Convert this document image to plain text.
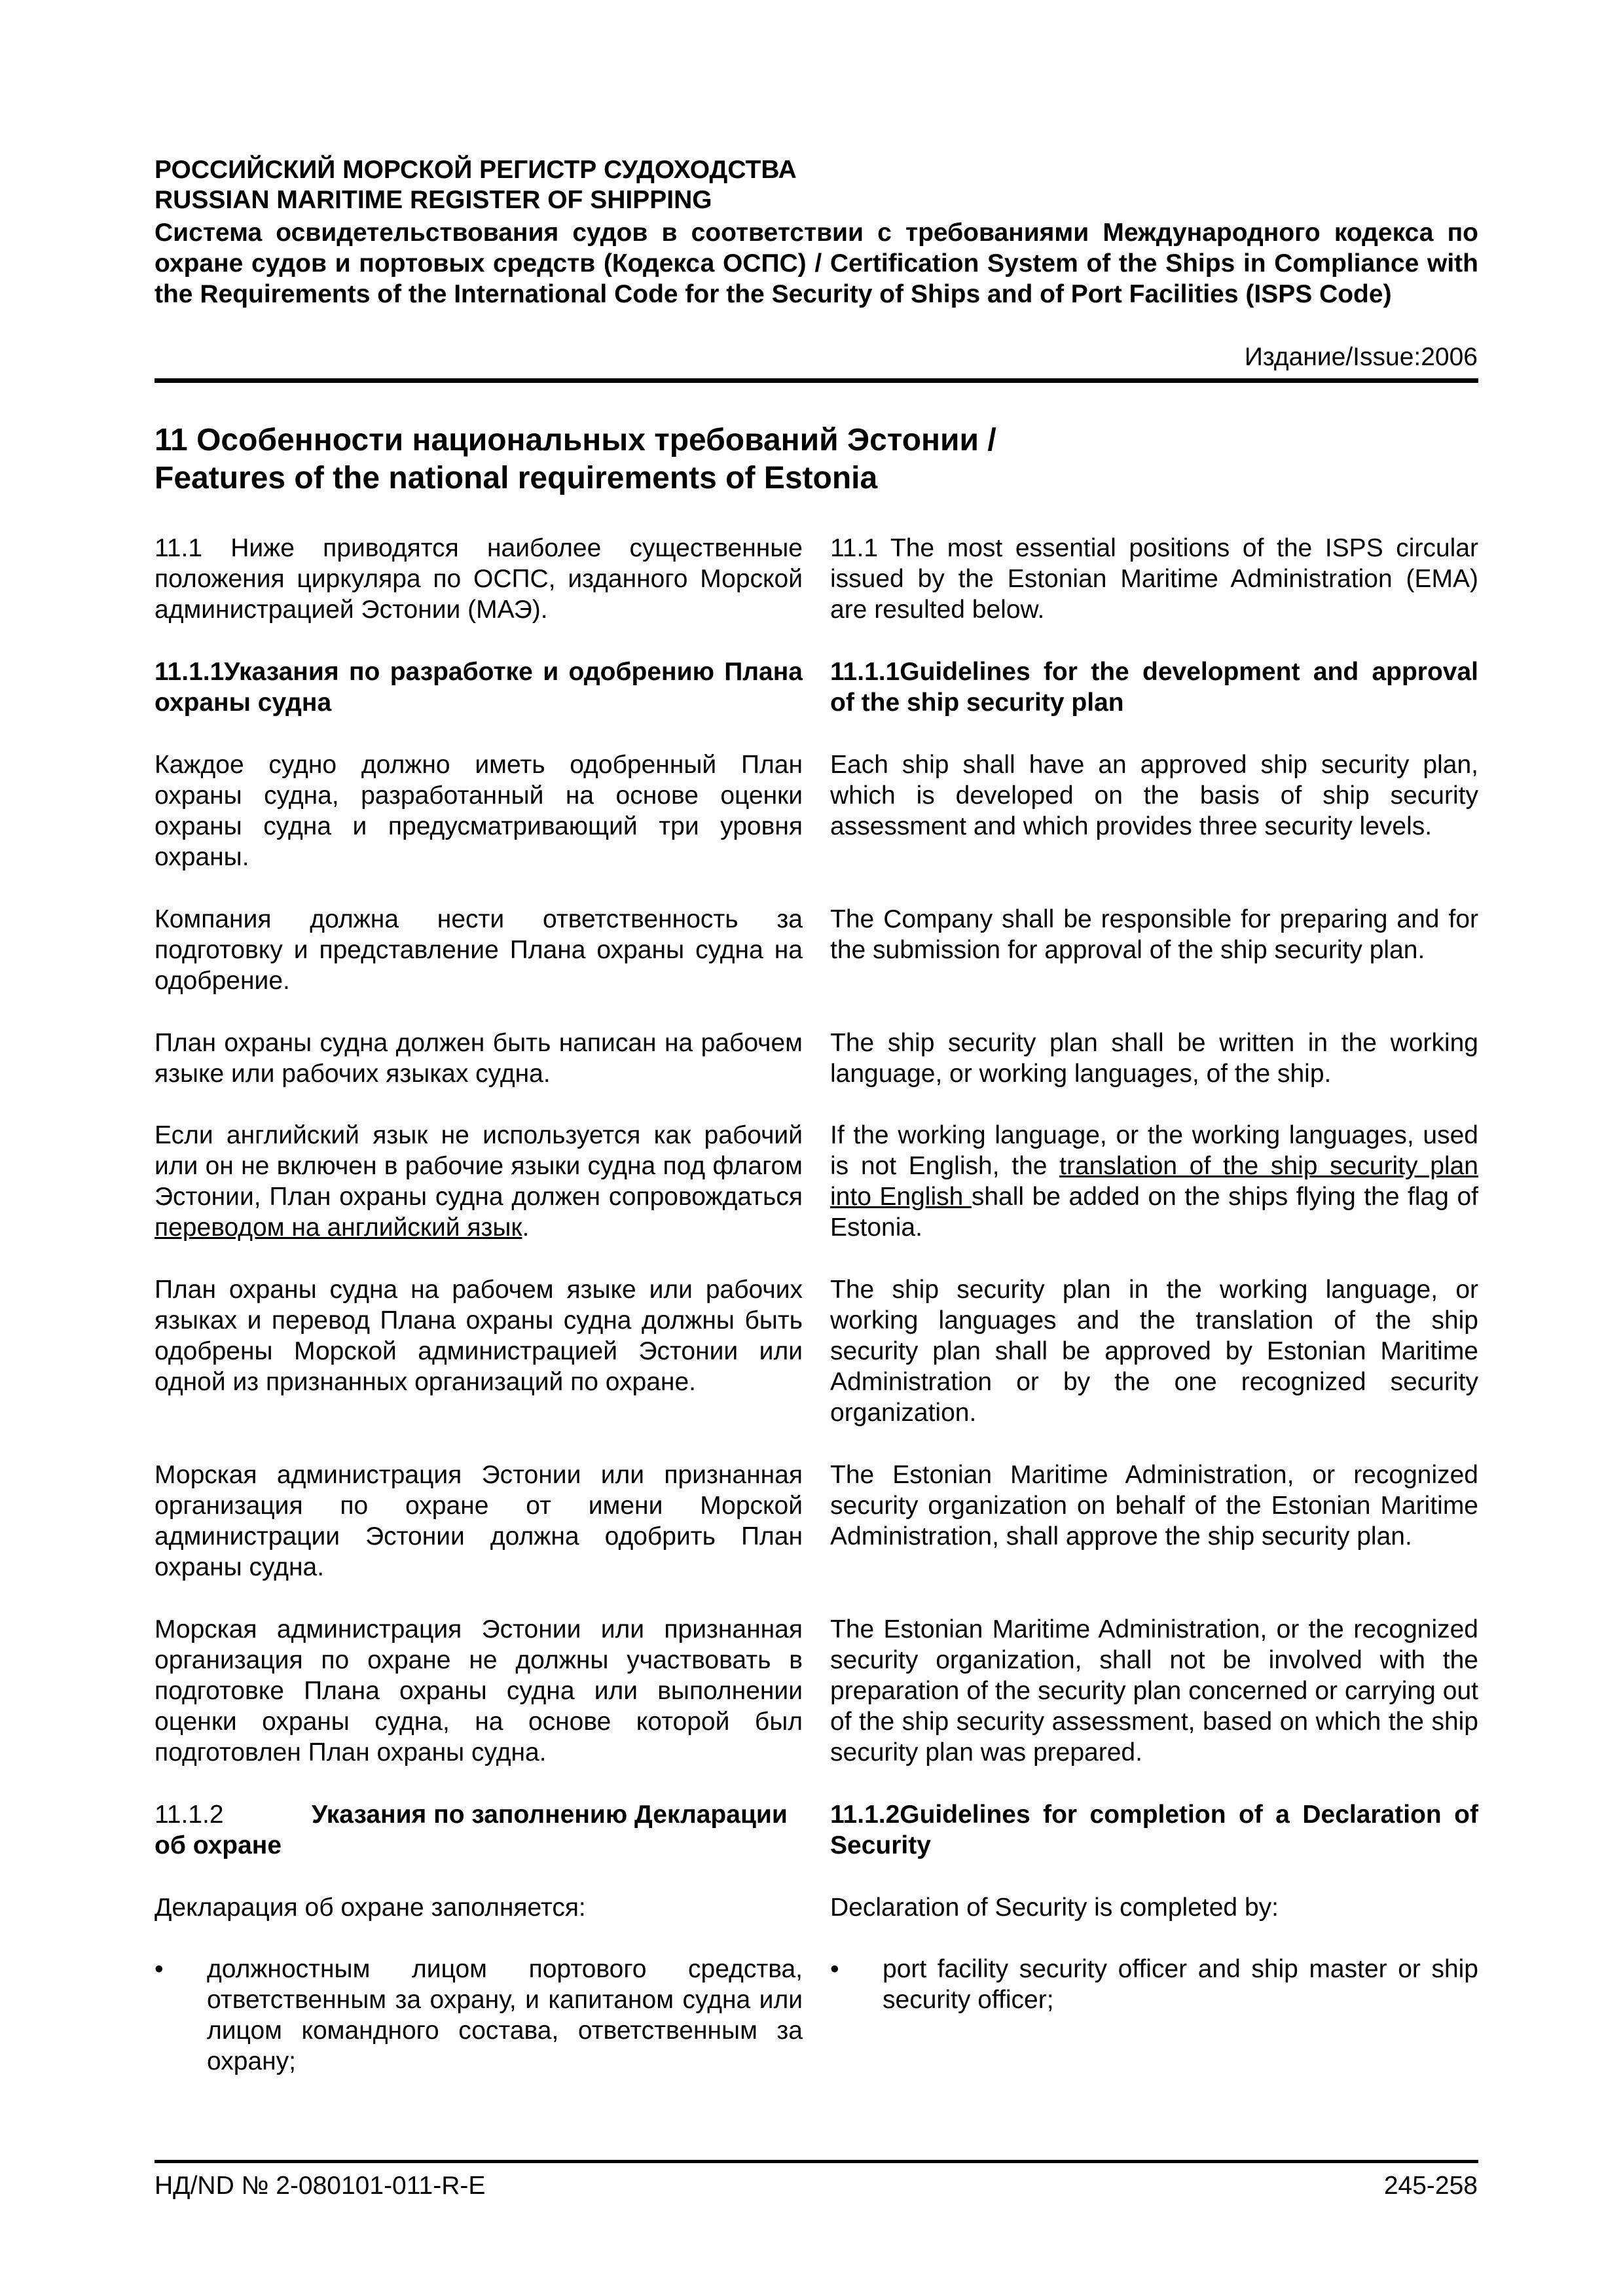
РОССИЙСКИЙ МОРСКОЙ РЕГИСТР СУДОХОДСТВА
RUSSIAN MARITIME REGISTER OF SHIPPING
Система освидетельствования судов в соответствии с требованиями Международного кодекса по охране судов и портовых средств (Кодекса ОСПС) / Certification System of the Ships in Compliance with the Requirements of the International Code for the Security of Ships and of Port Facilities (ISPS Code)
Издание/Issue:2006
11 Особенности национальных требований Эстонии /
Features of the national requirements of Estonia
11.1 Ниже приводятся наиболее существенные положения циркуляра по ОСПС, изданного Морской администрацией Эстонии (МАЭ).
11.1.1Указания по разработке и одобрению Плана охраны судна
Каждое судно должно иметь одобренный План охраны судна, разработанный на основе оценки охраны судна и предусматривающий три уровня охраны.
Компания должна нести ответственность за подготовку и представление Плана охраны судна на одобрение.
План охраны судна должен быть написан на рабочем языке или рабочих языках судна.
Если английский язык не используется как рабочий или он не включен в рабочие языки судна под флагом Эстонии, План охраны судна должен сопровождаться переводом на английский язык.
План охраны судна на рабочем языке или рабочих языках и перевод Плана охраны судна должны быть одобрены Морской администрацией Эстонии или одной из признанных организаций по охране.
Морская администрация Эстонии или признанная организация по охране от имени Морской администрации Эстонии должна одобрить План охраны судна.
Морская администрация Эстонии или признанная организация по охране не должны участвовать в подготовке Плана охраны судна или выполнении оценки охраны судна, на основе которой был подготовлен План охраны судна.
11.1.2	Указания по заполнению Декларации об охране
Декларация об охране заполняется:
• должностным лицом портового средства, ответственным за охрану, и капитаном судна или лицом командного состава, ответственным за охрану;
11.1 The most essential positions of the ISPS circular issued by the Estonian Maritime Administration (EMA) are resulted below.
11.1.1Guidelines for the development and approval of the ship security plan
Each ship shall have an approved ship security plan, which is developed on the basis of ship security assessment and which provides three security levels.
The Company shall be responsible for preparing and for the submission for approval of the ship security plan.
The ship security plan shall be written in the working language, or working languages, of the ship.
If the working language, or the working languages, used is not English, the translation of the ship security plan into English shall be added on the ships flying the flag of Estonia.
The ship security plan in the working language, or working languages and the translation of the ship security plan shall be approved by Estonian Maritime Administration or by the one recognized security organization.
The Estonian Maritime Administration, or recognized security organization on behalf of the Estonian Maritime Administration, shall approve the ship security plan.
The Estonian Maritime Administration, or the recognized security organization, shall not be involved with the preparation of the security plan concerned or carrying out of the ship security assessment, based on which the ship security plan was prepared.
11.1.2Guidelines for completion of a Declaration of Security
Declaration of Security is completed by:
• port facility security officer and ship master or ship security officer;
НД/ND № 2-080101-011-R-E	245-258
